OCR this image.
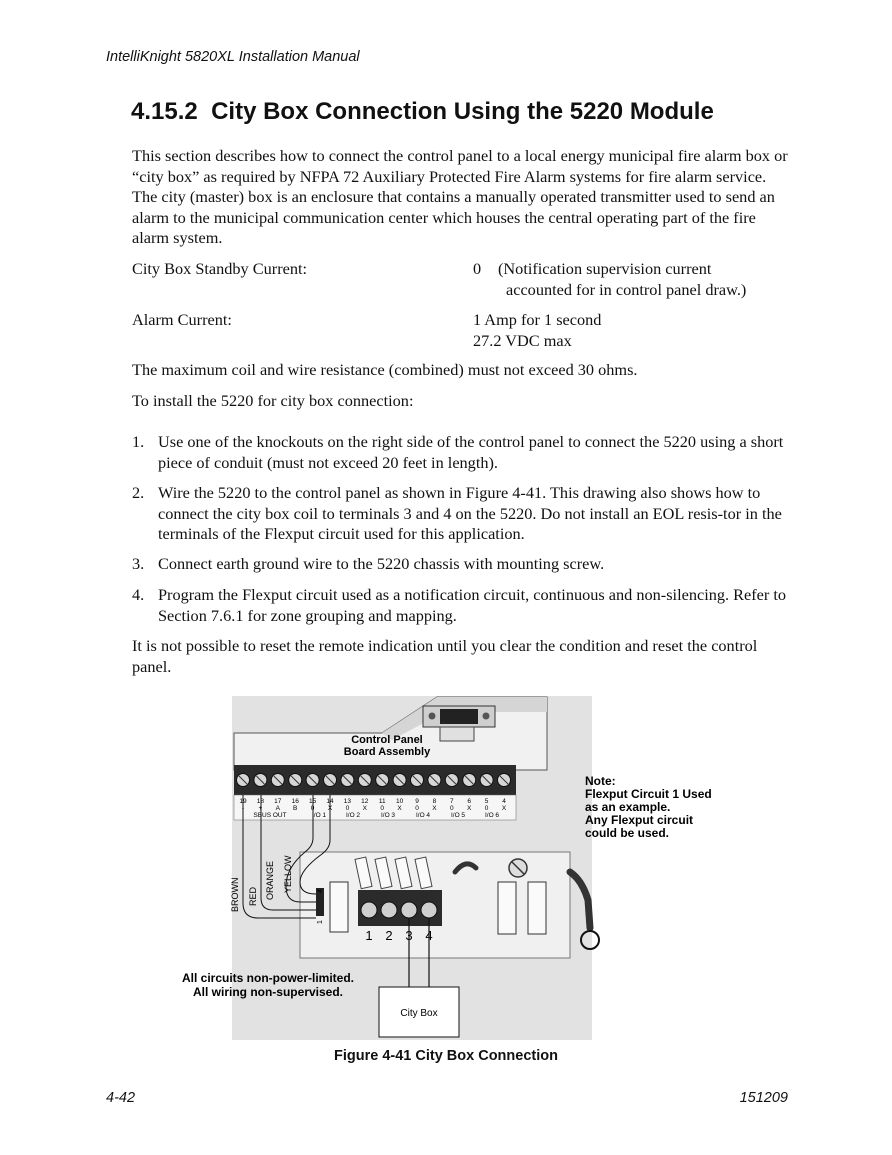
IntelliKnight 5820XL Installation Manual
4.15.2 City Box Connection Using the 5220 Module

This section describes how to connect the control panel to a local energy municipal fire alarm box or “city box” as required by NFPA 72 Auxiliary Protected Fire Alarm systems for fire alarm service. The city (master) box is an enclosure that contains a manually operated transmitter used to send an alarm to the municipal communication center which houses the central operating part of the fire alarm system.

City Box Standby Current:	0 (Notification supervision current
accounted for in control panel draw.)
Alarm Current:	1 Amp for 1 second
27.2 VDC max

The maximum coil and wire resistance (combined) must not exceed 30 ohms.

To install the 5220 for city box connection:

1. Use one of the knockouts on the right side of the control panel to connect the 5220 using a short piece of conduit (must not exceed 20 feet in length).
2. Wire the 5220 to the control panel as shown in Figure 4-41. This drawing also shows how to connect the city box coil to terminals 3 and 4 on the 5220. Do not install an EOL resis-tor in the terminals of the Flexput circuit used for this application.
3. Connect earth ground wire to the 5220 chassis with mounting screw.
4. Program the Flexput circuit used as a notification circuit, continuous and non-silencing. Refer to Section 7.6.1 for zone grouping and mapping.

It is not possible to reset the remote indication until you clear the condition and reset the control panel.

Control Panel
Board Assembly
19
-
18
+
17
A
16
B
15
0
14
X
13
0
12
X
11
0
10
X
9
0
8
X
7
0
6
X
5
0
4
X
SBUS OUT	I/O 1	I/O 2	I/O 3	I/O 4	I/O 5	I/O 6
Note:
Flexput Circuit 1 Used
as an example.
Any Flexput circuit
could be used.
1 2 3 4
1
4
BROWN RED ORANGE YELLOW
City Box
All circuits non-power-limited.
All wiring non-supervised.
Figure 4-41 City Box Connection
4-42	151209
